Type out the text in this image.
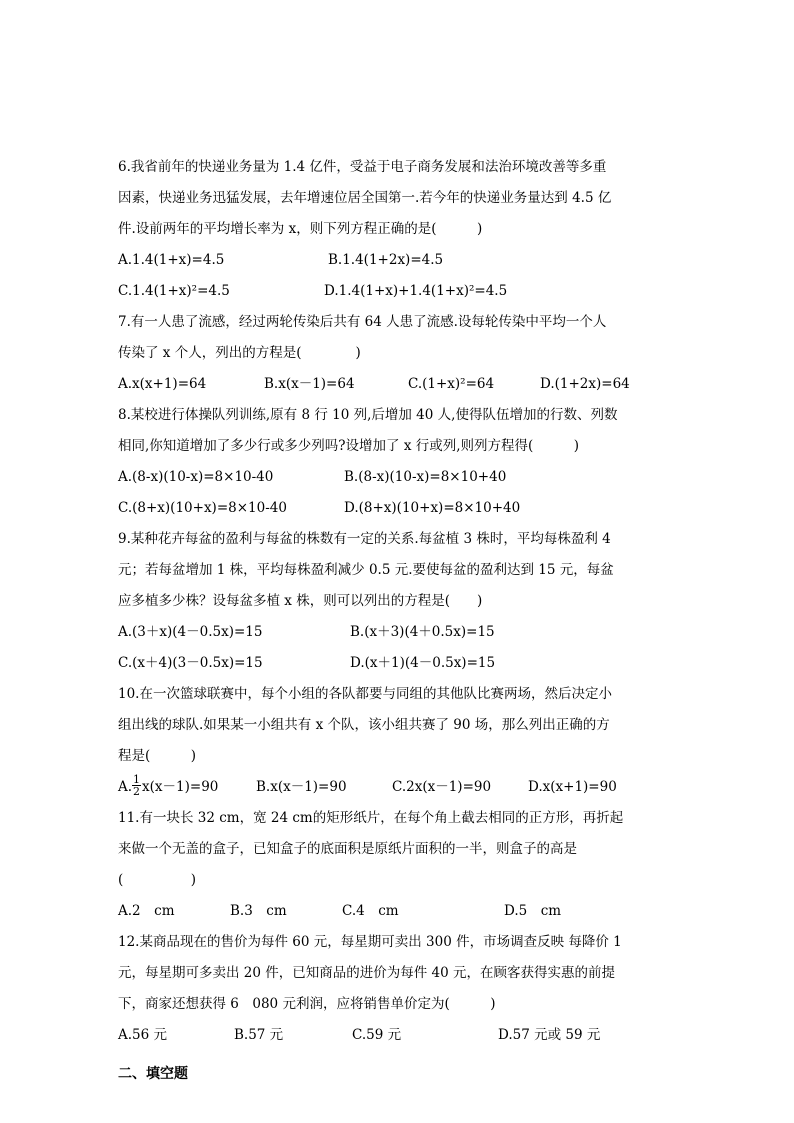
6.我省前年的快递业务量为 1.4 亿件，受益于电子商务发展和法治环境改善等多重
因素，快递业务迅猛发展，去年增速位居全国第一.若今年的快递业务量达到 4.5 亿
件.设前两年的平均增长率为 x，则下列方程正确的是(　　　)
A.1.4(1+x)=4.5	B.1.4(1+2x)=4.5
C.1.4(1+x)²=4.5	D.1.4(1+x)+1.4(1+x)²=4.5
7.有一人患了流感，经过两轮传染后共有 64 人患了流感.设每轮传染中平均一个人
传染了 x 个人，列出的方程是(　　　　)
A.x(x+1)=64	B.x(x－1)=64	C.(1+x)²=64	D.(1+2x)=64
8.某校进行体操队列训练,原有 8 行 10 列,后增加 40 人,使得队伍增加的行数、列数
相同,你知道增加了多少行或多少列吗?设增加了 x 行或列,则列方程得(　　　)
A.(8-x)(10-x)=8×10-40	B.(8-x)(10-x)=8×10+40
C.(8+x)(10+x)=8×10-40	D.(8+x)(10+x)=8×10+40
9.某种花卉每盆的盈利与每盆的株数有一定的关系.每盆植 3 株时，平均每株盈利 4
元；若每盆增加 1 株，平均每株盈利减少 0.5 元.要使每盆的盈利达到 15 元，每盆
应多植多少株？设每盆多植 x 株，则可以列出的方程是(　　)
A.(3＋x)(4－0.5x)=15	B.(x＋3)(4＋0.5x)=15
C.(x＋4)(3－0.5x)=15	D.(x＋1)(4－0.5x)=15
10.在一次篮球联赛中，每个小组的各队都要与同组的其他队比赛两场，然后决定小
组出线的球队.如果某一小组共有 x 个队，该小组共赛了 90 场，那么列出正确的方
程是(　　　)
A. $\frac{1}{2} x(x-1)=90$	B.x(x－1)=90	C.2x(x－1)=90	D.x(x+1)=90
11.有一块长 32 cm，宽 24 cm的矩形纸片，在每个角上截去相同的正方形，再折起
来做一个无盖的盒子，已知盒子的底面积是原纸片面积的一半，则盒子的高是
(　　　　　)
A.2　cm	B.3　cm	C.4　cm	D.5　cm
12.某商品现在的售价为每件 60 元，每星期可卖出 300 件，市场调查反映 每降价 1
元，每星期可多卖出 20 件，已知商品的进价为每件 40 元，在顾客获得实惠的前提
下，商家还想获得 6　080 元利润，应将销售单价定为(　　　)
A.56 元	B.57 元	C.59 元	D.57 元或 59 元
二、填空题
